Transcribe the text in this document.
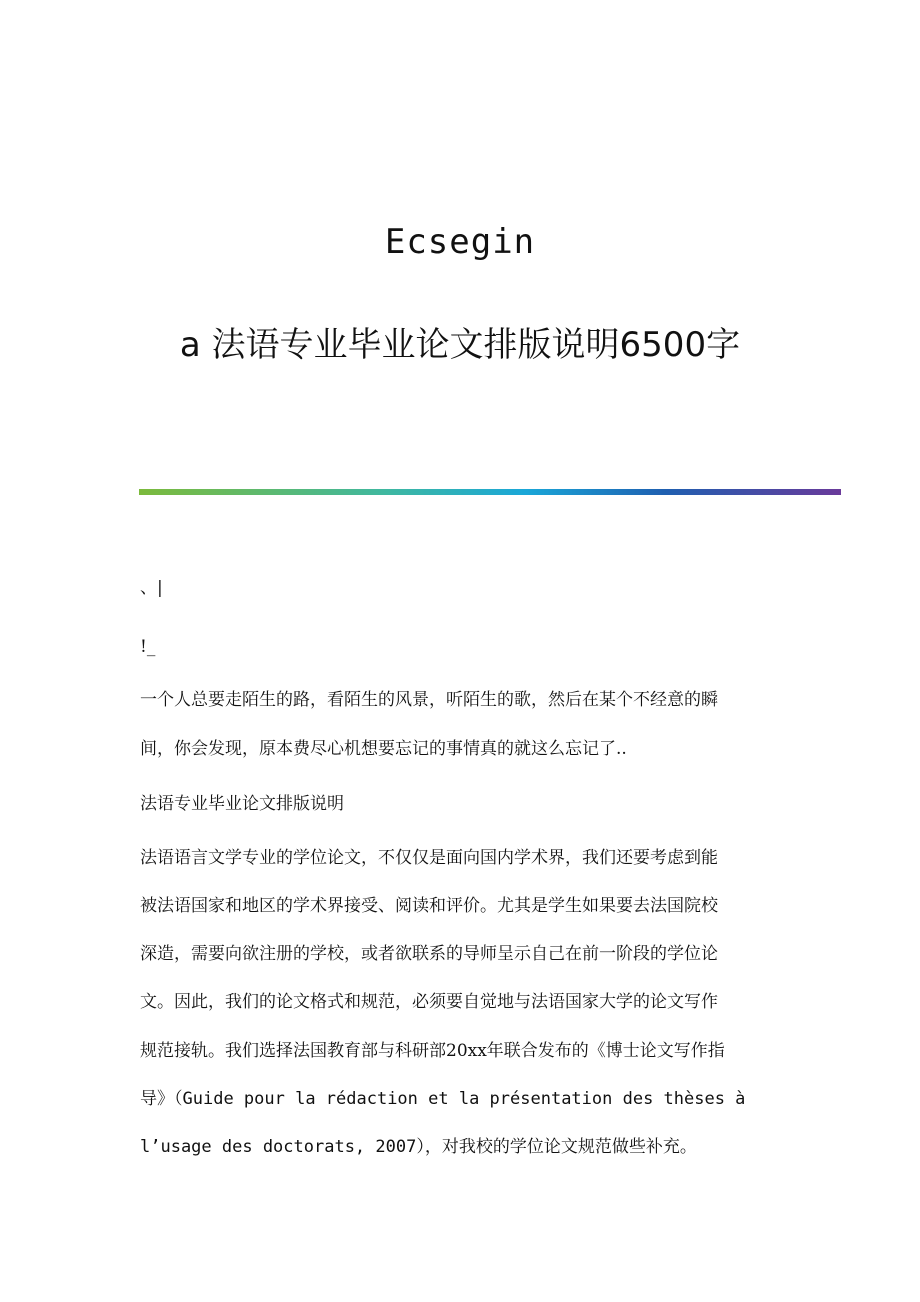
Ecsegin
a 法语专业毕业论文排版说明6500字
、|
!_
一个人总要走陌生的路，看陌生的风景，听陌生的歌，然后在某个不经意的瞬
间，你会发现，原本费尽心机想要忘记的事情真的就这么忘记了..
法语专业毕业论文排版说明
法语语言文学专业的学位论文，不仅仅是面向国内学术界，我们还要考虑到能
被法语国家和地区的学术界接受、阅读和评价。尤其是学生如果要去法国院校
深造，需要向欲注册的学校，或者欲联系的导师呈示自己在前一阶段的学位论
文。因此，我们的论文格式和规范，必须要自觉地与法语国家大学的论文写作
规范接轨。我们选择法国教育部与科研部20xx年联合发布的《博士论文写作指
导》（Guide pour la rédaction et la présentation des thèses à
l’usage des doctorats, 2007），对我校的学位论文规范做些补充。
